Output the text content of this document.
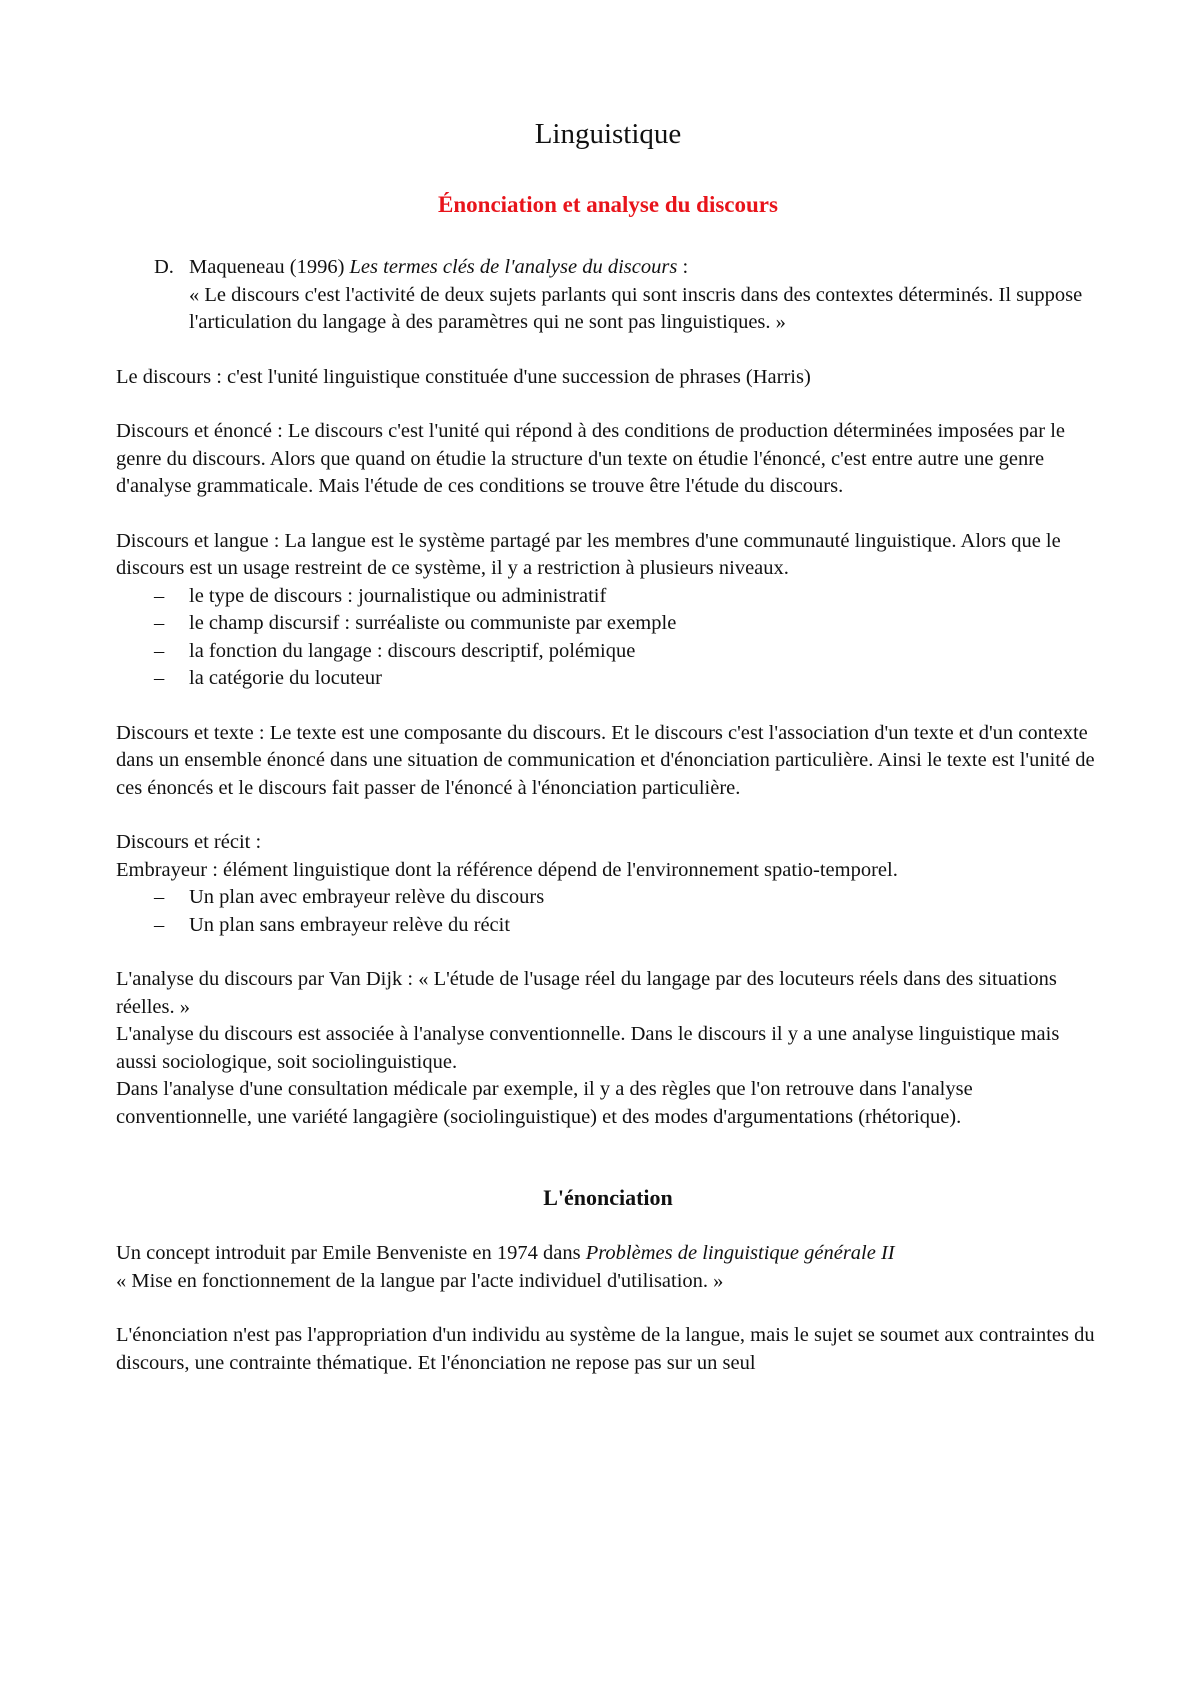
Linguistique
Énonciation et analyse du discours
D. Maqueneau (1996) Les termes clés de l'analyse du discours :

« Le discours c'est l'activité de deux sujets parlants qui sont inscris dans des contextes déterminés. Il suppose l'articulation du langage à des paramètres qui ne sont pas linguistiques. »

Le discours : c'est l'unité linguistique constituée d'une succession de phrases (Harris)

Discours et énoncé : Le discours c'est l'unité qui répond à des conditions de production déterminées imposées par le genre du discours. Alors que quand on étudie la structure d'un texte on étudie l'énoncé, c'est entre autre une genre d'analyse grammaticale. Mais l'étude de ces conditions se trouve être l'étude du discours.

Discours et langue : La langue est le système partagé par les membres d'une communauté linguistique. Alors que le discours est un usage restreint de ce système, il y a restriction à plusieurs niveaux.

– le type de discours : journalistique ou administratif
– le champ discursif : surréaliste ou communiste par exemple
– la fonction du langage : discours descriptif, polémique
– la catégorie du locuteur

Discours et texte : Le texte est une composante du discours. Et le discours c'est l'association d'un texte et d'un contexte dans un ensemble énoncé dans une situation de communication et d'énonciation particulière. Ainsi le texte est l'unité de ces énoncés et le discours fait passer de l'énoncé à l'énonciation particulière.

Discours et récit :

Embrayeur : élément linguistique dont la référence dépend de l'environnement spatio-temporel.

– Un plan avec embrayeur relève du discours
– Un plan sans embrayeur relève du récit

L'analyse du discours par Van Dijk : « L'étude de l'usage réel du langage par des locuteurs réels dans des situations réelles. »

L'analyse du discours est associée à l'analyse conventionnelle. Dans le discours il y a une analyse linguistique mais aussi sociologique, soit sociolinguistique.

Dans l'analyse d'une consultation médicale par exemple, il y a des règles que l'on retrouve dans l'analyse conventionnelle, une variété langagière (sociolinguistique) et des modes d'argumentations (rhétorique).

L'énonciation

Un concept introduit par Emile Benveniste en 1974 dans Problèmes de linguistique générale II

« Mise en fonctionnement de la langue par l'acte individuel d'utilisation. »

L'énonciation n'est pas l'appropriation d'un individu au système de la langue, mais le sujet se soumet aux contraintes du discours, une contrainte thématique. Et l'énonciation ne repose pas sur un seul
